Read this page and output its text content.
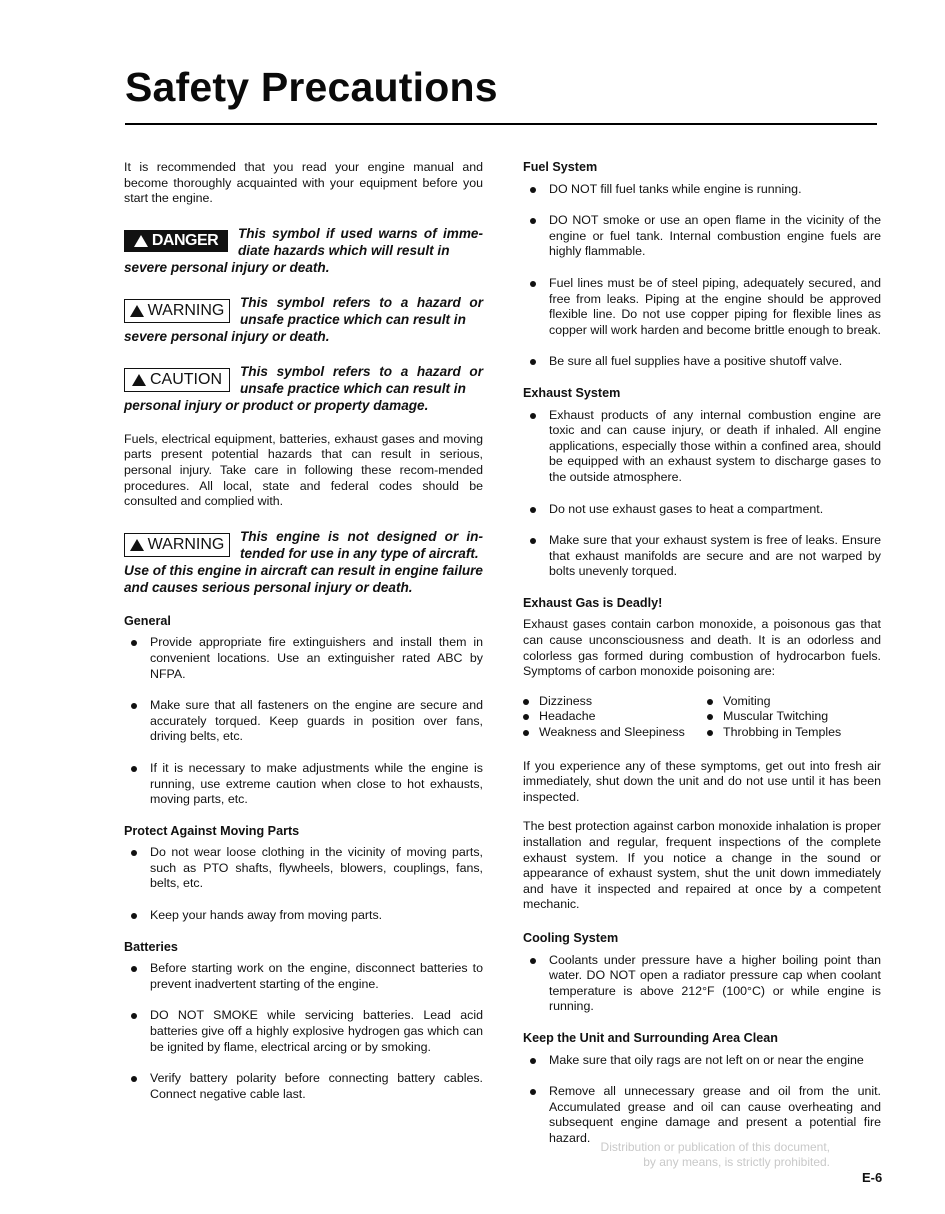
Safety Precautions

It is recommended that you read your engine manual and become thoroughly acquainted with your equipment before you start the engine.

DANGER	This symbol if used warns of imme-diate hazards which will result in
severe personal injury or death.
WARNING	This symbol refers to a hazard or unsafe practice which can result in
severe personal injury or death.
CAUTION	This symbol refers to a hazard or unsafe practice which can result in
personal injury or product or property damage.

Fuels, electrical equipment, batteries, exhaust gases and moving parts present potential hazards that can result in serious, personal injury. Take care in following these recom-mended procedures. All local, state and federal codes should be consulted and complied with.

WARNING	This engine is not designed or in-tended for use in any type of aircraft.
Use of this engine in aircraft can result in engine failure and causes serious personal injury or death.
General
Provide appropriate fire extinguishers and install them in convenient locations. Use an extinguisher rated ABC by NFPA.
Make sure that all fasteners on the engine are secure and accurately torqued. Keep guards in position over fans, driving belts, etc.
If it is necessary to make adjustments while the engine is running, use extreme caution when close to hot exhausts, moving parts, etc.
Protect Against Moving Parts
Do not wear loose clothing in the vicinity of moving parts, such as PTO shafts, flywheels, blowers, couplings, fans, belts, etc.
Keep your hands away from moving parts.
Batteries
Before starting work on the engine, disconnect batteries to prevent inadvertent starting of the engine.
DO NOT SMOKE while servicing batteries. Lead acid batteries give off a highly explosive hydrogen gas which can be ignited by flame, electrical arcing or by smoking.
Verify battery polarity before connecting battery cables. Connect negative cable last.
Fuel System
DO NOT fill fuel tanks while engine is running.
DO NOT smoke or use an open flame in the vicinity of the engine or fuel tank. Internal combustion engine fuels are highly flammable.
Fuel lines must be of steel piping, adequately secured, and free from leaks. Piping at the engine should be approved flexible line. Do not use copper piping for flexible lines as copper will work harden and become brittle enough to break.
Be sure all fuel supplies have a positive shutoff valve.
Exhaust System
Exhaust products of any internal combustion engine are toxic and can cause injury, or death if inhaled. All engine applications, especially those within a confined area, should be equipped with an exhaust system to discharge gases to the outside atmosphere.
Do not use exhaust gases to heat a compartment.
Make sure that your exhaust system is free of leaks. Ensure that exhaust manifolds are secure and are not warped by bolts unevenly torqued.
Exhaust Gas is Deadly!

Exhaust gases contain carbon monoxide, a poisonous gas that can cause unconsciousness and death. It is an odorless and colorless gas formed during combustion of hydrocarbon fuels. Symptoms of carbon monoxide poisoning are:

Dizziness	Vomiting
Headache	Muscular Twitching
Weakness and Sleepiness	Throbbing in Temples

If you experience any of these symptoms, get out into fresh air immediately, shut down the unit and do not use until it has been inspected.

The best protection against carbon monoxide inhalation is proper installation and regular, frequent inspections of the complete exhaust system. If you notice a change in the sound or appearance of exhaust system, shut the unit down immediately and have it inspected and repaired at once by a competent mechanic.

Cooling System
Coolants under pressure have a higher boiling point than water. DO NOT open a radiator pressure cap when coolant temperature is above 212°F (100°C) or while engine is running.
Keep the Unit and Surrounding Area Clean
Make sure that oily rags are not left on or near the engine
Remove all unnecessary grease and oil from the unit. Accumulated grease and oil can cause overheating and subsequent engine damage and present a potential fire hazard.
Distribution or publication of this document,
by any means, is strictly prohibited.
E-6
